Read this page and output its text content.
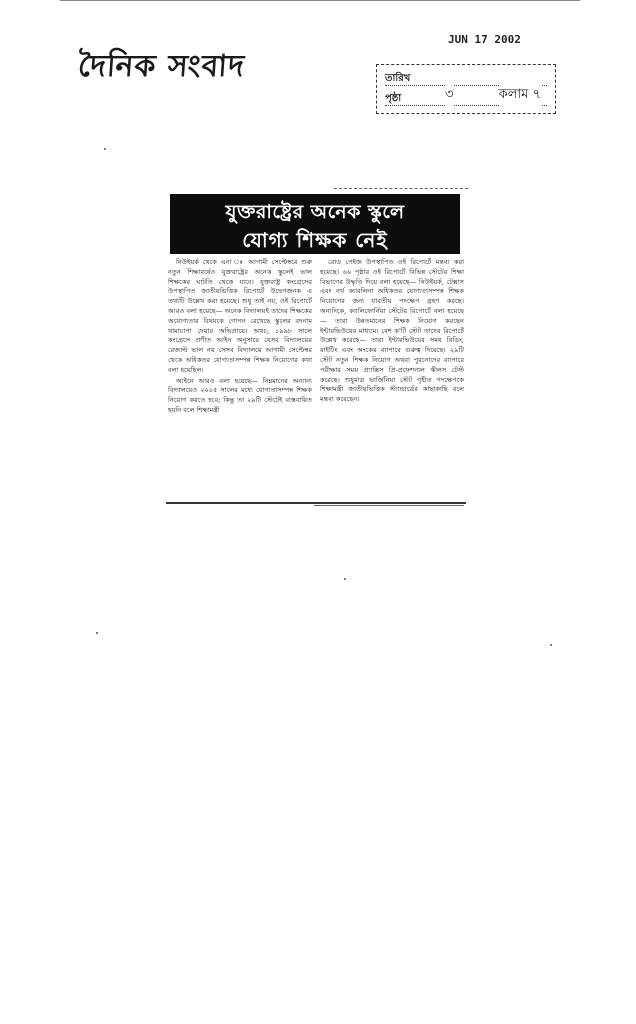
দৈনিক সংবাদ
JUN 17 2002
তারিখ
পৃষ্ঠা	৩	কলাম ৭
যুক্তরাষ্ট্রের অনেক স্কুলে
যোগ্য শিক্ষক নেই

নিউইয়র্ক থেকে এনা ঃ আগামী সেপ্টেম্বরে শুরু নতুন শিক্ষাবর্ষেও যুক্তরাষ্ট্রের অনেক স্কুলেই ভাল শিক্ষকের ঘাটতি থেকে যাবে। যুক্তরাষ্ট্র কংগ্রেসের উপস্থাপিত জাতীয়ভিত্তিক রিপোর্টে উদ্বেগজনক এ তথ্যটি উল্লেখ করা হয়েছে। শুধু তাই নয়, ওই রিপোর্টে আরও বলা হয়েছে— অনেক বিদ্যালয়ই তাদের শিক্ষকের অযোগ্যতার বিষয়কে গোপন রেখেছে স্কুলের বদনাম থামাচাপা দেয়ার অভিপ্রায়ে। অথচ, ১৯৯৮ সালে কংগ্রেসে প্রণীত আইন অনুসারে যেসব বিদ্যালয়ের রেজাল্ট ভাল নয় সেসব বিদ্যালয়ে আগামী সেপ্টেম্বর থেকে অধিকতর যোগ্যতাসম্পন্ন শিক্ষক নিয়োগের কথা বলা হয়েছিল।

আইনে আরও বলা হয়েছে— নিম্নমানের অন্যান্য বিদ্যালয়েও ২০০৫ সালের মধ্যে যোগ্যতাসম্পন্ন শিক্ষক নিয়োগ করতে হবে; কিন্তু তা ২৯টি স্টেটেই বাস্তবায়িত হয়নি বলে শিক্ষামন্ত্রী

রোড পেইজ উপস্থাপিত ওই রিপোর্টে মন্তব্য করা হয়েছে। ৬৬ পৃষ্ঠার ওই রিপোর্টে বিভিন্ন স্টেটের শিক্ষা বিভাগের উদ্ধৃতি দিয়ে বলা হয়েছে— নিউইয়র্ক, টেক্সাস এবং নর্থ ক্যারলিনা অধিকতর যোগ্যতাসম্পন্ন শিক্ষক নিয়োগের জন্য যাবতীয় পদক্ষেপ গ্রহণ করছে। অন্যদিকে, ক্যালিফোর্নিয়া স্টেটের রিপোর্টে বলা হয়েছে— তারা উন্নতমানের শিক্ষক নিয়োগ করছেন ইন্টারভিউয়ের মাধ্যমে। বেশ ক'টি স্টেট তাদের রিপোর্টে উল্লেখ করেছে— তারা ইন্টারভিউয়ের সময় রিডিং, রাইটিং এবং অংকের ব্যাপারে গুরুত্ব দিয়েছে। ২৯টি স্টেট নতুন শিক্ষক নিয়োগ অথবা পুরনোদের ব্যাপারে পরীক্ষার সময় প্র্যাক্সিস প্রি-প্রফেশনাল স্কীলস টেস্ট করেছে। শুধুমাত্র ভার্জিনিয়া স্টেট গৃহীত পদক্ষেপকে শিক্ষামন্ত্রী জাতীয়ভিত্তিক স্ট্যান্ডার্ডের কাছাকাছি বলে মন্তব্য করেছেন।
